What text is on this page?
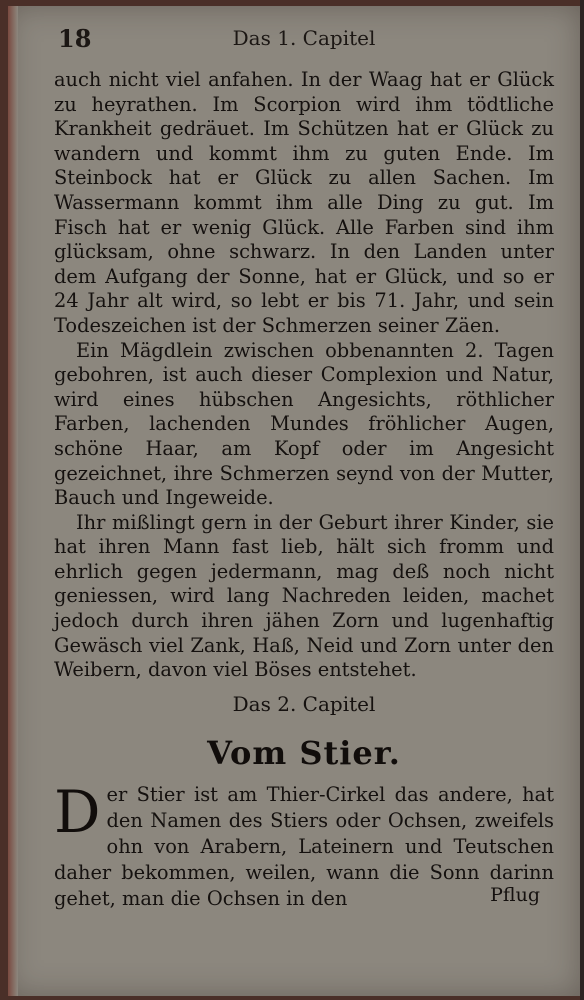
18	Das 1. Capitel

auch nicht viel anfahen. In der Waag hat er Glück zu heyrathen. Im Scorpion wird ihm tödtliche Krankheit gedräuet. Im Schützen hat er Glück zu wandern und kommt ihm zu guten Ende. Im Steinbock hat er Glück zu allen Sachen. Im Wassermann kommt ihm alle Ding zu gut. Im Fisch hat er wenig Glück. Alle Farben sind ihm glücksam, ohne schwarz. In den Landen unter dem Aufgang der Sonne, hat er Glück, und so er 24 Jahr alt wird, so lebt er bis 71. Jahr, und sein Todeszeichen ist der Schmerzen seiner Zäen.

Ein Mägdlein zwischen obbenannten 2. Tagen gebohren, ist auch dieser Complexion und Natur, wird eines hübschen Angesichts, röthlicher Farben, lachenden Mundes fröhlicher Augen, schöne Haar, am Kopf oder im Angesicht gezeichnet, ihre Schmerzen seynd von der Mutter, Bauch und Ingeweide.

Ihr mißlingt gern in der Geburt ihrer Kinder, sie hat ihren Mann fast lieb, hält sich fromm und ehrlich gegen jedermann, mag deß noch nicht geniessen, wird lang Nachreden leiden, machet jedoch durch ihren jähen Zorn und lugenhaftig Gewäsch viel Zank, Haß, Neid und Zorn unter den Weibern, davon viel Böses entstehet.

Das 2. Capitel
Vom Stier.
Der Stier ist am Thier-Cirkel das andere, hat den Namen des Stiers oder Ochsen, zweifels ohn von Arabern, Lateinern und Teutschen daher bekommen, weilen, wann die Sonn darinn gehet, man die Ochsen in den	Pflug
